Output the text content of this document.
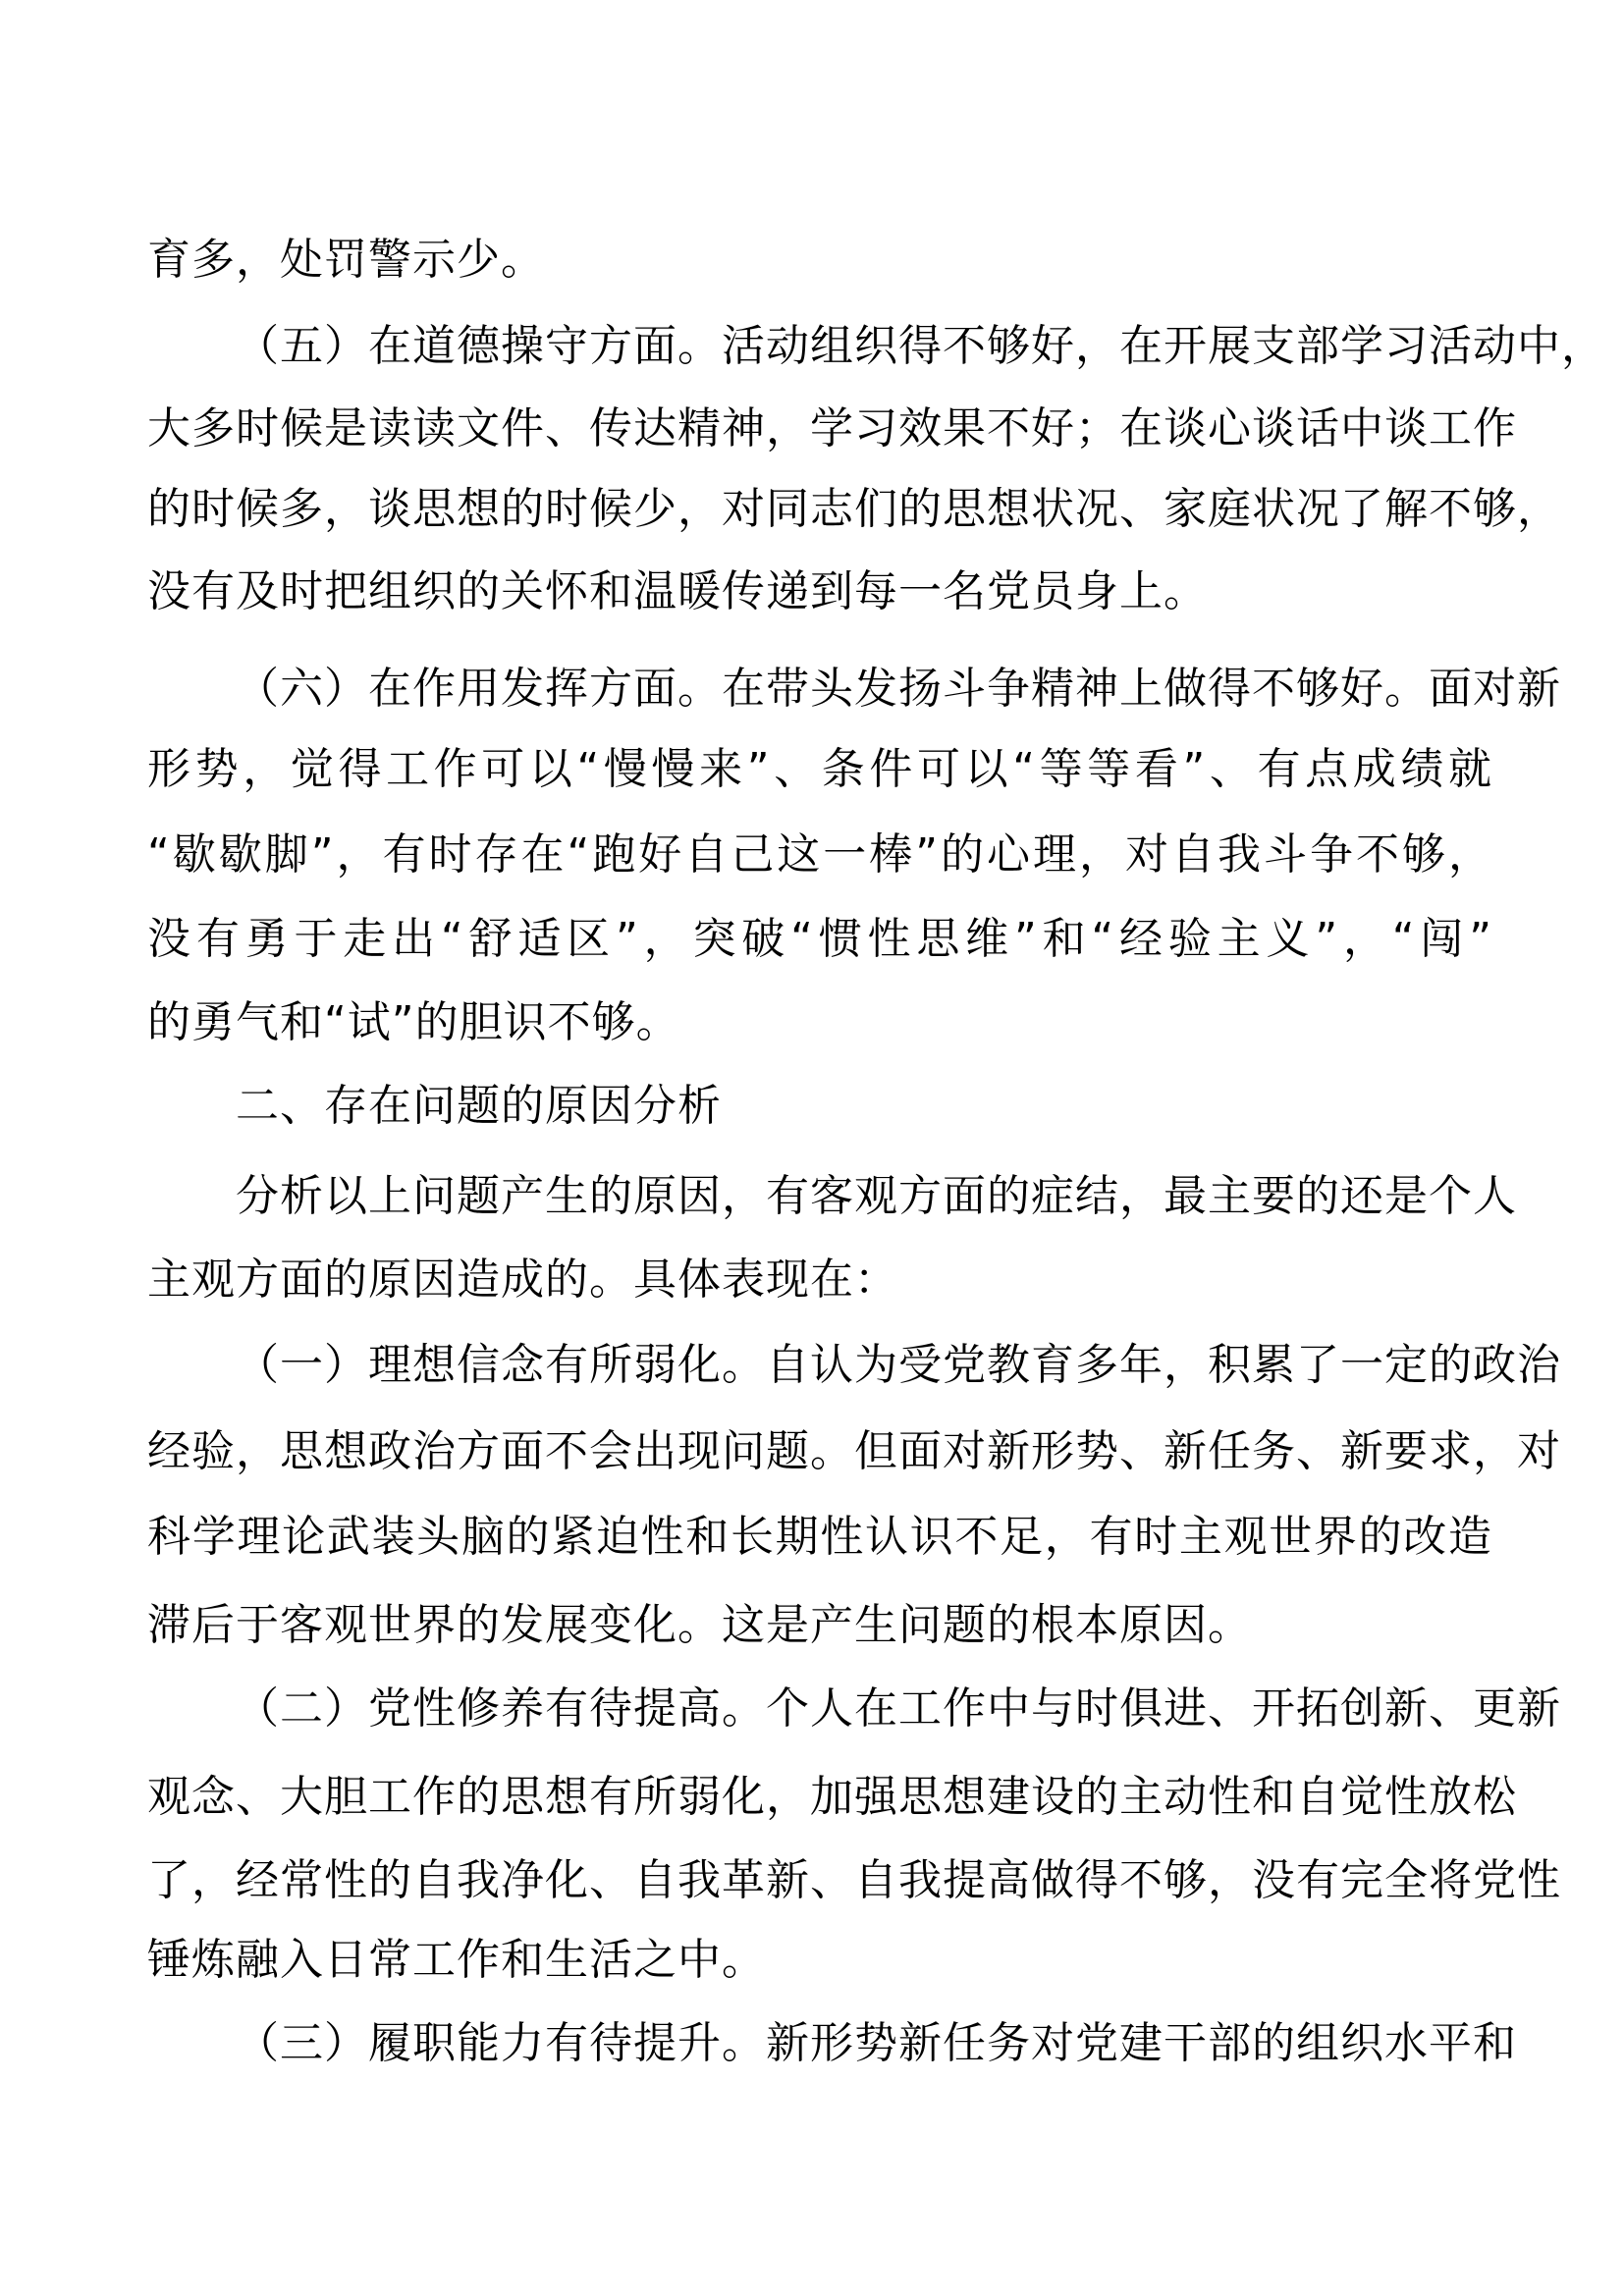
育多，处罚警示少。
（五）在道德操守方面。活动组织得不够好，在开展支部学习活动中，
大多时候是读读文件、传达精神，学习效果不好；在谈心谈话中谈工作
的时候多，谈思想的时候少，对同志们的思想状况、家庭状况了解不够，
没有及时把组织的关怀和温暖传递到每一名党员身上。
（六）在作用发挥方面。在带头发扬斗争精神上做得不够好。面对新
形势，觉得工作可以“慢慢来”、条件可以“等等看”、有点成绩就
“歇歇脚”，有时存在“跑好自己这一棒”的心理，对自我斗争不够，
没有勇于走出“舒适区”，突破“惯性思维”和“经验主义”，“闯”
的勇气和“试”的胆识不够。
二、存在问题的原因分析
分析以上问题产生的原因，有客观方面的症结，最主要的还是个人
主观方面的原因造成的。具体表现在：
（一）理想信念有所弱化。自认为受党教育多年，积累了一定的政治
经验，思想政治方面不会出现问题。但面对新形势、新任务、新要求，对
科学理论武装头脑的紧迫性和长期性认识不足，有时主观世界的改造
滞后于客观世界的发展变化。这是产生问题的根本原因。
（二）党性修养有待提高。个人在工作中与时俱进、开拓创新、更新
观念、大胆工作的思想有所弱化，加强思想建设的主动性和自觉性放松
了，经常性的自我净化、自我革新、自我提高做得不够，没有完全将党性
锤炼融入日常工作和生活之中。
（三）履职能力有待提升。新形势新任务对党建干部的组织水平和
